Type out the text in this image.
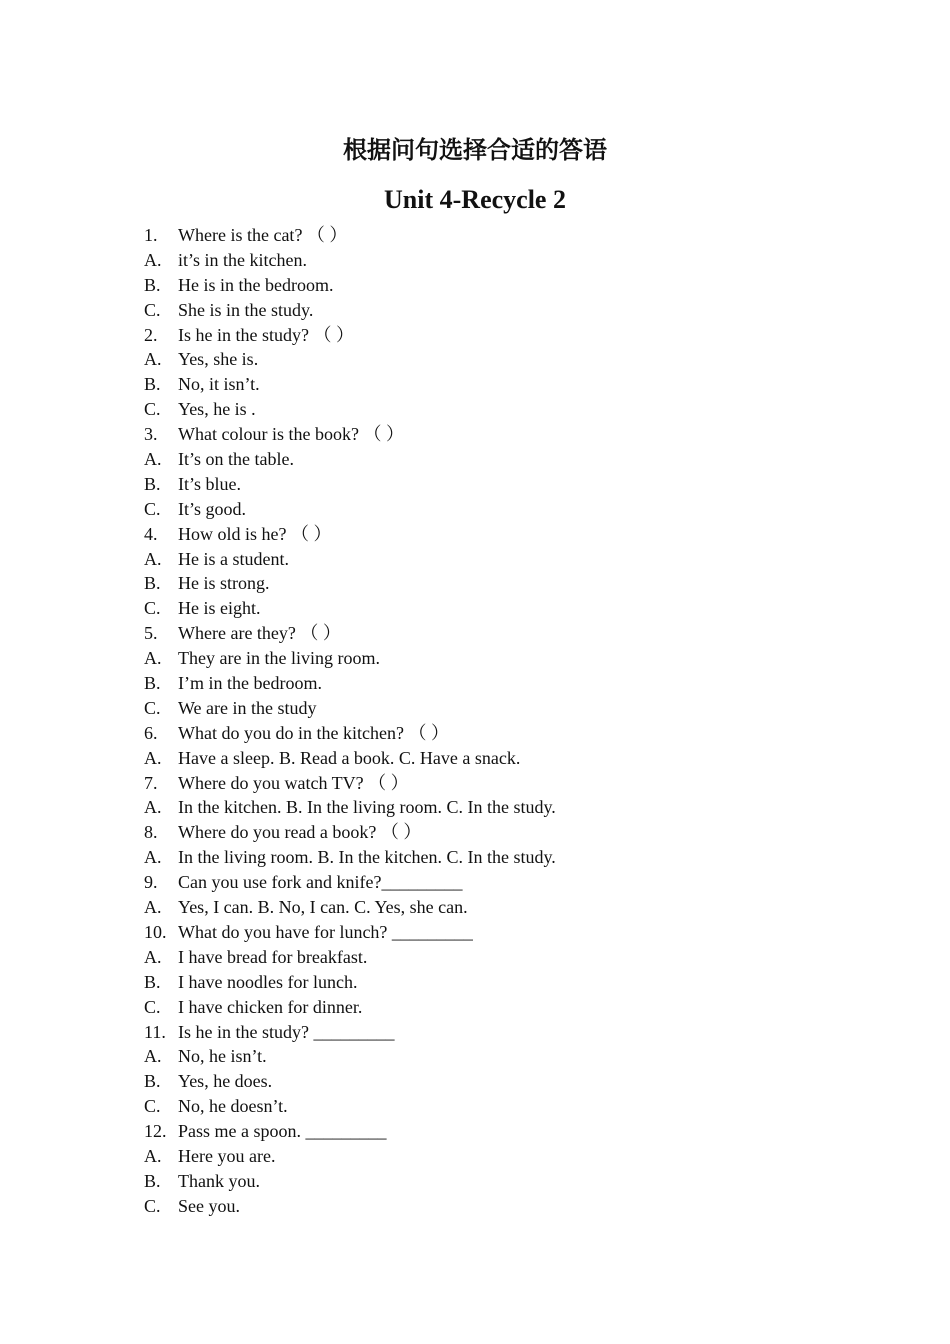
根据问句选择合适的答语
Unit 4-Recycle 2
1.	Where is the cat? （ ）
A. it’s in the kitchen.
B. He is in the bedroom.
C. She is in the study.
2.	Is he in the study? （ ）
A. Yes, she is.
B. No, it isn’t.
C. Yes, he is .
3.	What colour is the book? （ ）
A. It’s on the table.
B. It’s blue.
C. It’s good.
4.	How old is he? （ ）
A. He is a student.
B. He is strong.
C. He is eight.
5.	Where are they? （ ）
A. They are in the living room.
B. I’m in the bedroom.
C. We are in the study
6.	What do you do in the kitchen? （ ）
A. Have a sleep. B. Read a book. C. Have a snack.
7.	Where do you watch TV? （ ）
A. In the kitchen. B. In the living room. C. In the study.
8.	Where do you read a book? （ ）
A. In the living room. B. In the kitchen. C. In the study.
9.	Can you use fork and knife?_________
A. Yes, I can. B. No, I can. C. Yes, she can.
10. What do you have for lunch? _________
A. I have bread for breakfast.
B. I have noodles for lunch.
C. I have chicken for dinner.
11. Is he in the study? _________
A. No, he isn’t.
B. Yes, he does.
C. No, he doesn’t.
12. Pass me a spoon. _________
A. Here you are.
B. Thank you.
C. See you.
